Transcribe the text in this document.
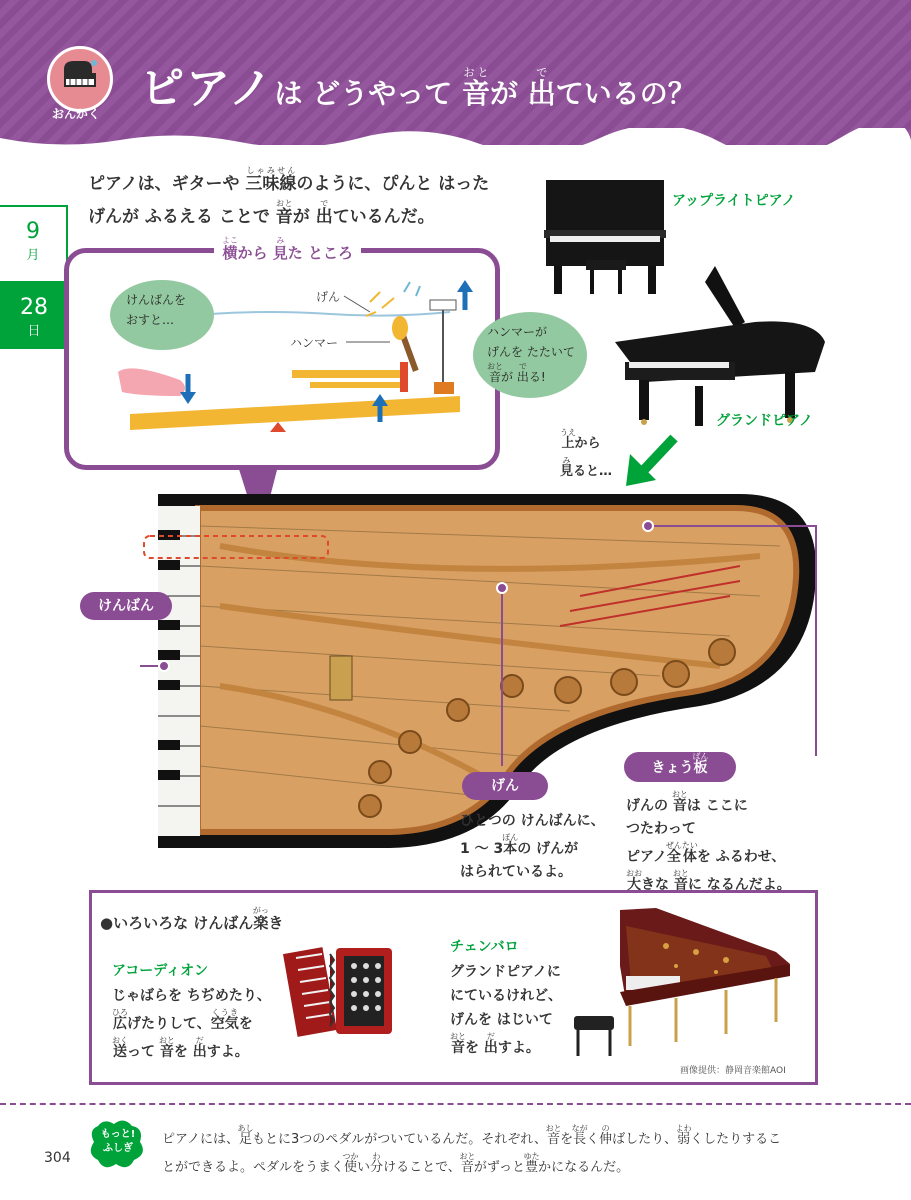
おんがく ピアノは どうやって 音おとが 出でているの？
9
月
28
日
ピアノは、ギターや 三味線しゃみせんのように、ぴんと はった
げんが ふるえる ことで 音おとが 出でているんだ。
横よこから 見みた ところ
げん
ハンマー
けんばんを
おすと…
ハンマーが
げんを たたいて
音おとが 出でる!
アップライトピアノ
グランドピアノ
上うえから
見みると…
けんばん
げん
きょう板ばん
ひとつの けんばんに、
1 ～ 3本ぽんの げんが
はられているよ。
げんの 音おとは ここに
つたわって
ピアノ全体ぜんたいを ふるわせ、
大おおきな 音おとに なるんだよ。
●いろいろな けんばん楽がっき
アコーディオン
じゃばらを ちぢめたり、
広ひろげたりして、空気くうきを
送おくって 音おとを 出だすよ。
チェンバロ
グランドピアノに
にているけれど、
げんを はじいて
音おとを 出だすよ。
画像提供：静岡音楽館AOI
もっと!
ふしぎ
ピアノには、足あしもとに3つのペダルがついているんだ。それぞれ、音おとを長ながく伸のばしたり、弱よわくしたりするこ
とができるよ。ペダルをうまく使つかい分わけることで、音おとがずっと豊ゆたかになるんだ。
304
